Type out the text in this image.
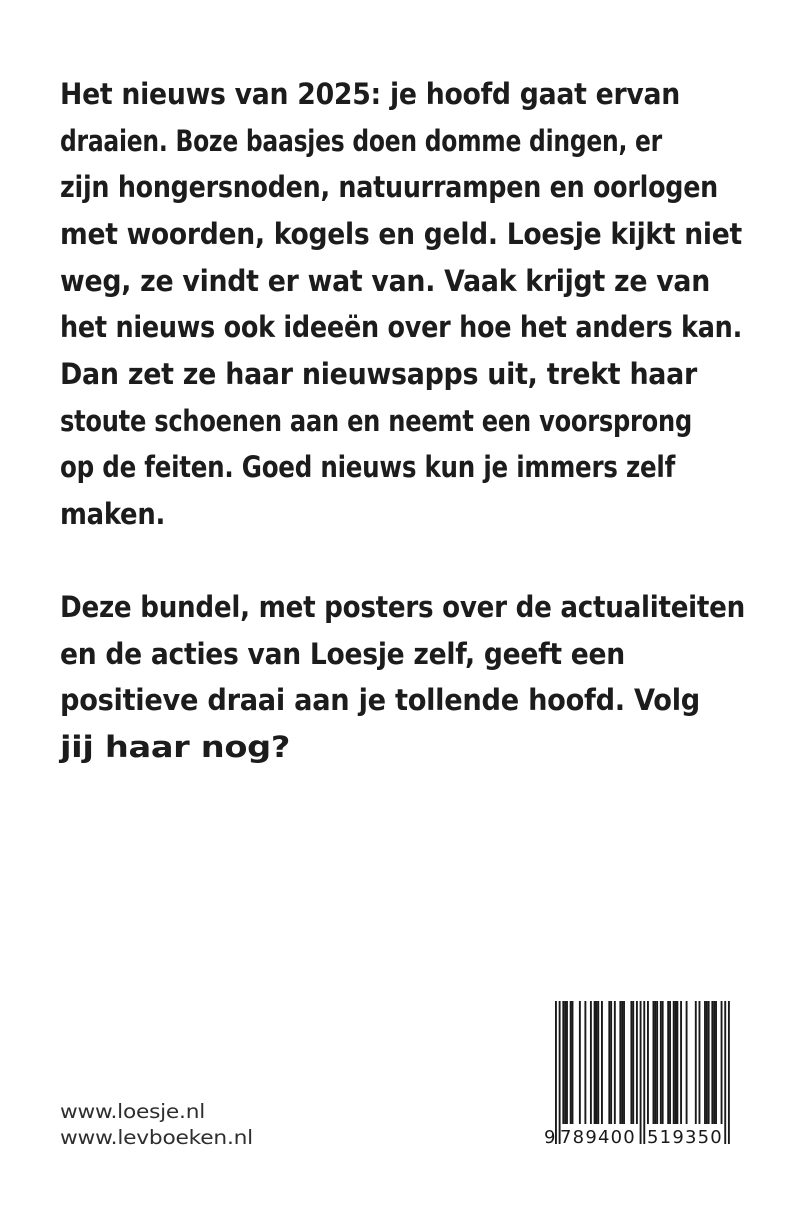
Het nieuws van 2025: je hoofd gaat ervan
draaien. Boze baasjes doen domme dingen, er
zijn hongersnoden, natuurrampen en oorlogen
met woorden, kogels en geld. Loesje kijkt niet
weg, ze vindt er wat van. Vaak krijgt ze van
het nieuws ook ideeën over hoe het anders kan.
Dan zet ze haar nieuwsapps uit, trekt haar
stoute schoenen aan en neemt een voorsprong
op de feiten. Goed nieuws kun je immers zelf
maken.
Deze bundel, met posters over de actualiteiten
en de acties van Loesje zelf, geeft een
positieve draai aan je tollende hoofd. Volg
jij haar nog?
www.loesje.nl
www.levboeken.nl	9 789400 519350
